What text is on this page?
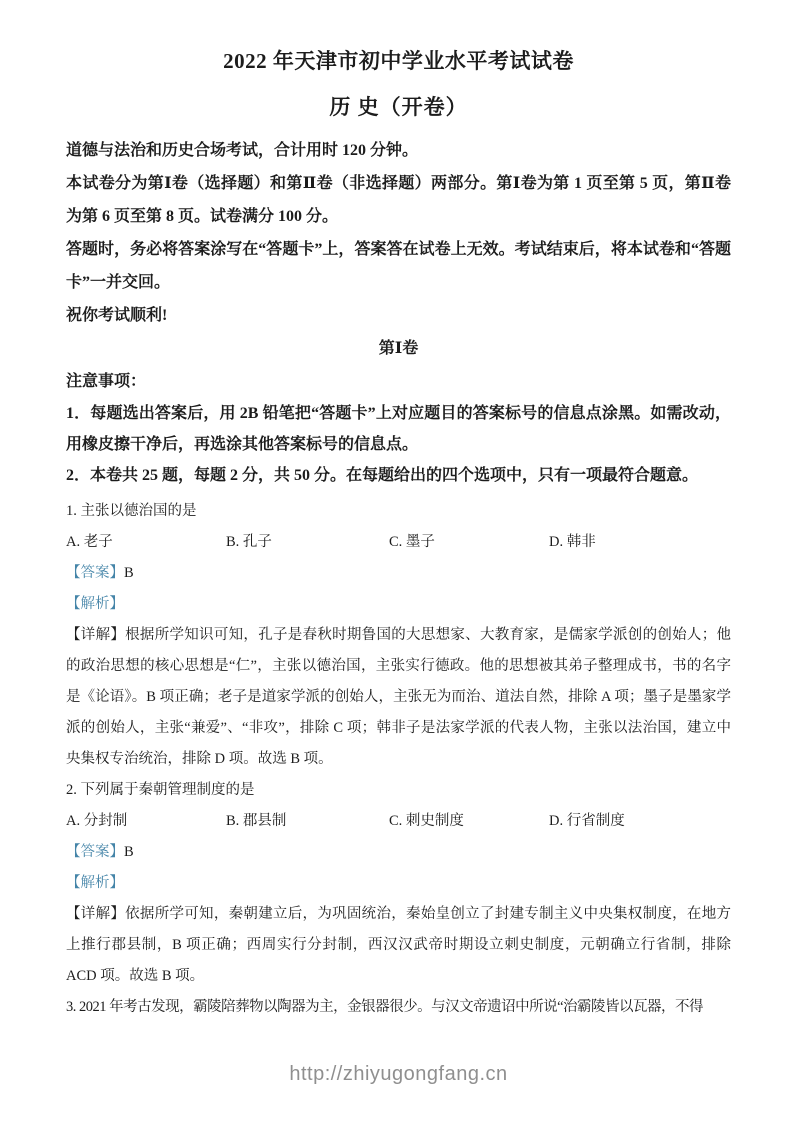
2022 年天津市初中学业水平考试试卷
历 史（开卷）

道德与法治和历史合场考试，合计用时 120 分钟。

本试卷分为第Ⅰ卷（选择题）和第Ⅱ卷（非选择题）两部分。第Ⅰ卷为第 1 页至第 5 页，第Ⅱ卷为第 6 页至第 8 页。试卷满分 100 分。

答题时，务必将答案涂写在“答题卡”上，答案答在试卷上无效。考试结束后，将本试卷和“答题卡”一并交回。

祝你考试顺利!

第Ⅰ卷

注意事项：

1．每题选出答案后，用 2B 铅笔把“答题卡”上对应题目的答案标号的信息点涂黑。如需改动，用橡皮擦干净后，再选涂其他答案标号的信息点。

2．本卷共 25 题，每题 2 分，共 50 分。在每题给出的四个选项中，只有一项最符合题意。

1. 主张以德治国的是

A. 老子	B. 孔子	C. 墨子	D. 韩非

【答案】B

【解析】

【详解】根据所学知识可知，孔子是春秋时期鲁国的大思想家、大教育家，是儒家学派创的创始人；他的政治思想的核心思想是“仁”，主张以德治国，主张实行德政。他的思想被其弟子整理成书，书的名字是《论语》。B 项正确；老子是道家学派的创始人，主张无为而治、道法自然，排除 A 项；墨子是墨家学派的创始人，主张“兼爱”、“非攻”，排除 C 项；韩非子是法家学派的代表人物，主张以法治国，建立中央集权专治统治，排除 D 项。故选 B 项。

2. 下列属于秦朝管理制度的是

A. 分封制	B. 郡县制	C. 刺史制度	D. 行省制度

【答案】B

【解析】

【详解】依据所学可知，秦朝建立后，为巩固统治，秦始皇创立了封建专制主义中央集权制度，在地方上推行郡县制，B 项正确；西周实行分封制，西汉汉武帝时期设立刺史制度，元朝确立行省制，排除 ACD 项。故选 B 项。

3. 2021 年考古发现，霸陵陪葬物以陶器为主，金银器很少。与汉文帝遗诏中所说“治霸陵皆以瓦器，不得

http://zhiyugongfang.cn
